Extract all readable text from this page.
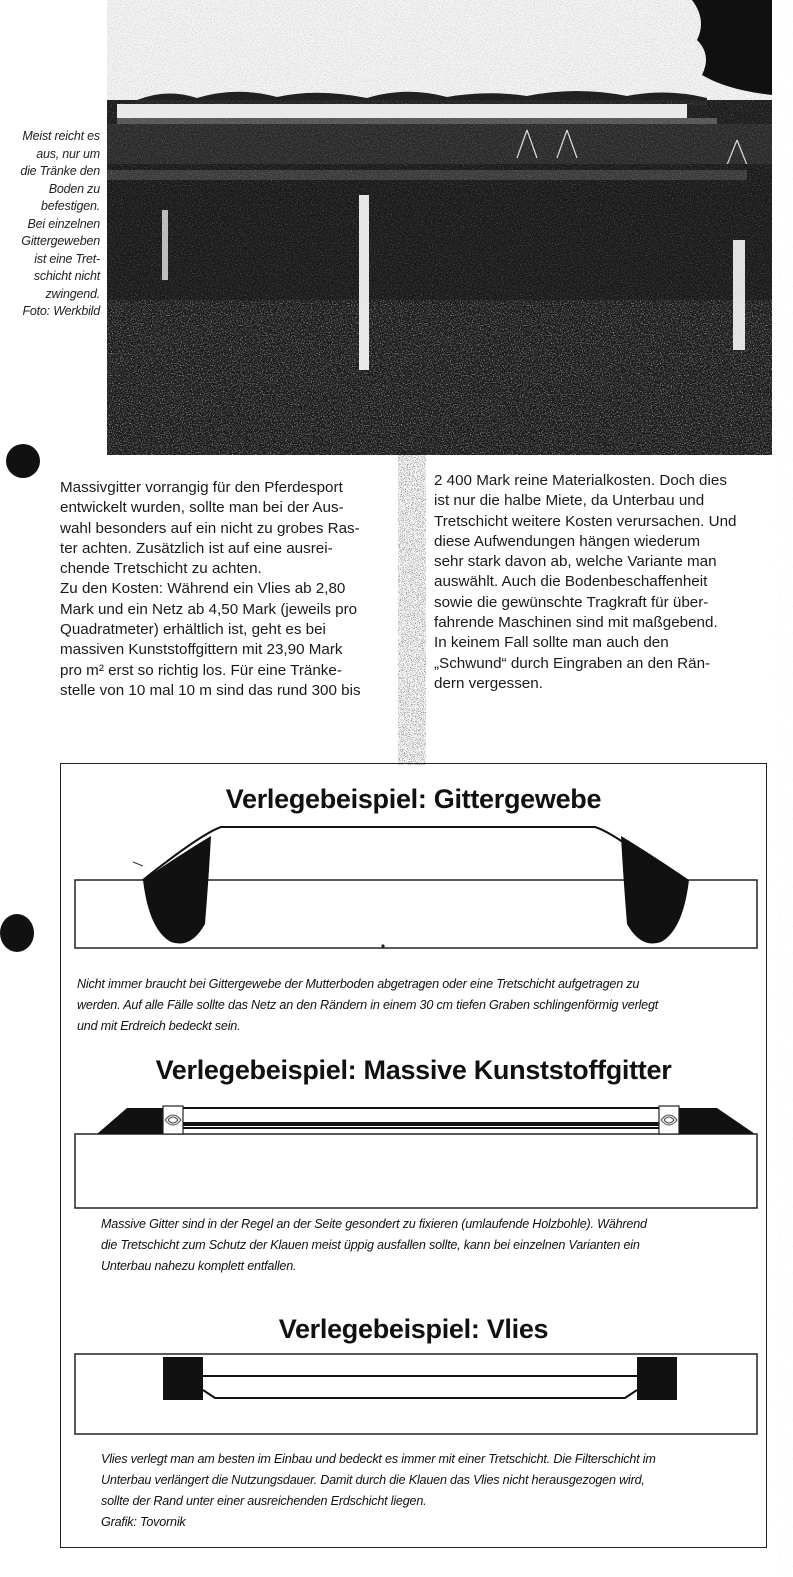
Meist reicht es
aus, nur um
die Tränke den
Boden zu
befestigen.
Bei einzelnen
Gittergeweben
ist eine Tret-
schicht nicht
zwingend.
Foto: Werkbild
Massivgitter vorrangig für den Pferdesport
entwickelt wurden, sollte man bei der Aus-
wahl besonders auf ein nicht zu grobes Ras-
ter achten. Zusätzlich ist auf eine ausrei-
chende Tretschicht zu achten.
Zu den Kosten: Während ein Vlies ab 2,80
Mark und ein Netz ab 4,50 Mark (jeweils pro
Quadratmeter) erhältlich ist, geht es bei
massiven Kunststoffgittern mit 23,90 Mark
pro m² erst so richtig los. Für eine Tränke-
stelle von 10 mal 10 m sind das rund 300 bis
2 400 Mark reine Materialkosten. Doch dies
ist nur die halbe Miete, da Unterbau und
Tretschicht weitere Kosten verursachen. Und
diese Aufwendungen hängen wiederum
sehr stark davon ab, welche Variante man
auswählt. Auch die Bodenbeschaffenheit
sowie die gewünschte Tragkraft für über-
fahrende Maschinen sind mit maßgebend.
In keinem Fall sollte man auch den
„Schwund“ durch Eingraben an den Rän-
dern vergessen.
Verlegebeispiel: Gittergewebe
Nicht immer braucht bei Gittergewebe der Mutterboden abgetragen oder eine Tretschicht aufgetragen zu
werden. Auf alle Fälle sollte das Netz an den Rändern in einem 30 cm tiefen Graben schlingenförmig verlegt
und mit Erdreich bedeckt sein.
Verlegebeispiel: Massive Kunststoffgitter
Massive Gitter sind in der Regel an der Seite gesondert zu fixieren (umlaufende Holzbohle). Während
die Tretschicht zum Schutz der Klauen meist üppig ausfallen sollte, kann bei einzelnen Varianten ein
Unterbau nahezu komplett entfallen.
Verlegebeispiel: Vlies
Vlies verlegt man am besten im Einbau und bedeckt es immer mit einer Tretschicht. Die Filterschicht im
Unterbau verlängert die Nutzungsdauer. Damit durch die Klauen das Vlies nicht herausgezogen wird,
sollte der Rand unter einer ausreichenden Erdschicht liegen.
Grafik: Tovornik
